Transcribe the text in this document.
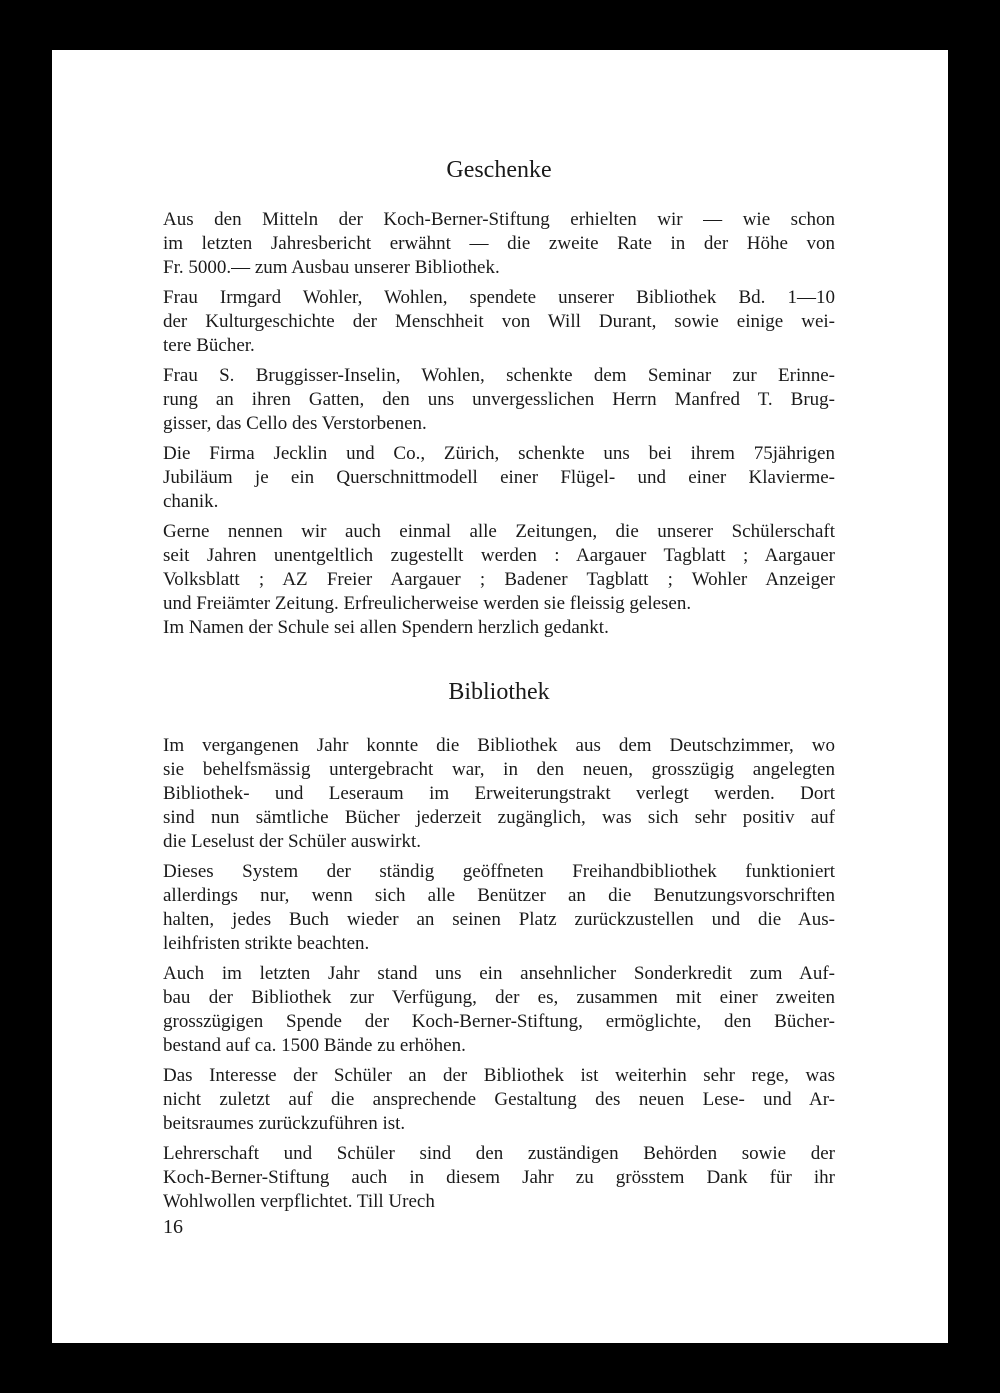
Geschenke

Aus den Mitteln der Koch-Berner-Stiftung erhielten wir — wie schon
im letzten Jahresbericht erwähnt — die zweite Rate in der Höhe von
Fr. 5000.— zum Ausbau unserer Bibliothek.

Frau Irmgard Wohler, Wohlen, spendete unserer Bibliothek Bd. 1—10
der Kulturgeschichte der Menschheit von Will Durant, sowie einige wei-
tere Bücher.

Frau S. Bruggisser-Inselin, Wohlen, schenkte dem Seminar zur Erinne-
rung an ihren Gatten, den uns unvergesslichen Herrn Manfred T. Brug-
gisser, das Cello des Verstorbenen.

Die Firma Jecklin und Co., Zürich, schenkte uns bei ihrem 75jährigen
Jubiläum je ein Querschnittmodell einer Flügel- und einer Klavierme-
chanik.

Gerne nennen wir auch einmal alle Zeitungen, die unserer Schülerschaft
seit Jahren unentgeltlich zugestellt werden : Aargauer Tagblatt ; Aargauer
Volksblatt ; AZ Freier Aargauer ; Badener Tagblatt ; Wohler Anzeiger
und Freiämter Zeitung. Erfreulicherweise werden sie fleissig gelesen.
Im Namen der Schule sei allen Spendern herzlich gedankt.

Bibliothek

Im vergangenen Jahr konnte die Bibliothek aus dem Deutschzimmer, wo
sie behelfsmässig untergebracht war, in den neuen, grosszügig angelegten
Bibliothek- und Leseraum im Erweiterungstrakt verlegt werden. Dort
sind nun sämtliche Bücher jederzeit zugänglich, was sich sehr positiv auf
die Leselust der Schüler auswirkt.

Dieses System der ständig geöffneten Freihandbibliothek funktioniert
allerdings nur, wenn sich alle Benützer an die Benutzungsvorschriften
halten, jedes Buch wieder an seinen Platz zurückzustellen und die Aus-
leihfristen strikte beachten.

Auch im letzten Jahr stand uns ein ansehnlicher Sonderkredit zum Auf-
bau der Bibliothek zur Verfügung, der es, zusammen mit einer zweiten
grosszügigen Spende der Koch-Berner-Stiftung, ermöglichte, den Bücher-
bestand auf ca. 1500 Bände zu erhöhen.

Das Interesse der Schüler an der Bibliothek ist weiterhin sehr rege, was
nicht zuletzt auf die ansprechende Gestaltung des neuen Lese- und Ar-
beitsraumes zurückzuführen ist.

Lehrerschaft und Schüler sind den zuständigen Behörden sowie der
Koch-Berner-Stiftung auch in diesem Jahr zu grösstem Dank für ihr
Wohlwollen verpflichtet. Till Urech

16
